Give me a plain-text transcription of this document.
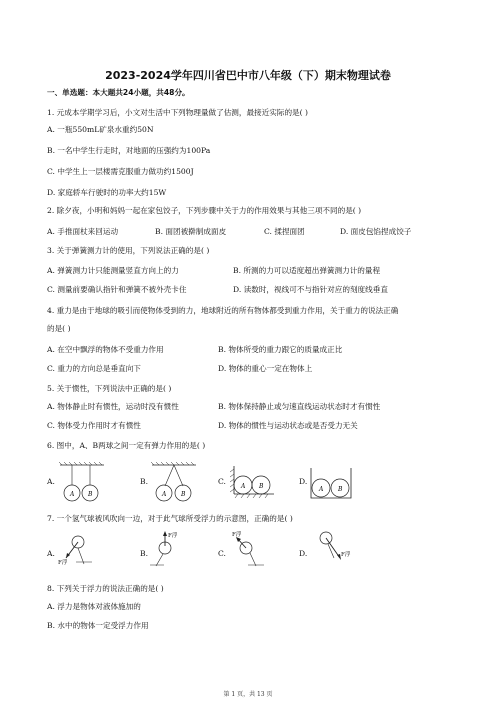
2023-2024学年四川省巴中市八年级（下）期末物理试卷
一、单选题：本大题共24小题，共48分。
1. 元成本学期学习后，小文对生活中下列物理量做了估测，最接近实际的是( )
A. 一瓶550mL矿泉水重约50N
B. 一名中学生行走时，对地面的压强约为100Pa
C. 中学生上一层楼需克服重力做功约1500J
D. 家庭轿车行驶时的功率大约15W
2. 除夕夜，小明和妈妈一起在家包饺子，下列步骤中关于力的作用效果与其他三项不同的是( )
A. 手推面杖来回运动	B. 面团被擀制成面皮	C. 揉捏面团	D. 面皮包馅捏成饺子
3. 关于弹簧测力计的使用，下列说法正确的是( )
A. 弹簧测力计只能测量竖直方向上的力	B. 所测的力可以适度超出弹簧测力计的量程
C. 测量前要确认指针和弹簧不被外壳卡住	D. 读数时，视线可不与指针对应的刻度线垂直
4. 重力是由于地球的吸引而使物体受到的力，地球附近的所有物体都受到重力作用，关于重力的说法正确
的是( )
A. 在空中飘浮的物体不受重力作用	B. 物体所受的重力跟它的质量成正比
C. 重力的方向总是垂直向下	D. 物体的重心一定在物体上
5. 关于惯性，下列说法中正确的是( )
A. 物体静止时有惯性，运动时没有惯性	B. 物体保持静止或匀速直线运动状态时才有惯性
C. 物体受力作用时才有惯性	D. 物体的惯性与运动状态或是否受力无关
6. 图中，A、B两球之间一定有弹力作用的是( )
A.	B.	C.	D.
A B	A B
A B	A B
7. 一个氢气球被风吹向一边，对于此气球所受浮力的示意图，正确的是( )
A.	B.	C.	D.
F浮
F浮	F浮
F浮
8. 下列关于浮力的说法正确的是( )
A. 浮力是物体对液体施加的
B. 水中的物体一定受浮力作用
第 1 页，共 13 页
